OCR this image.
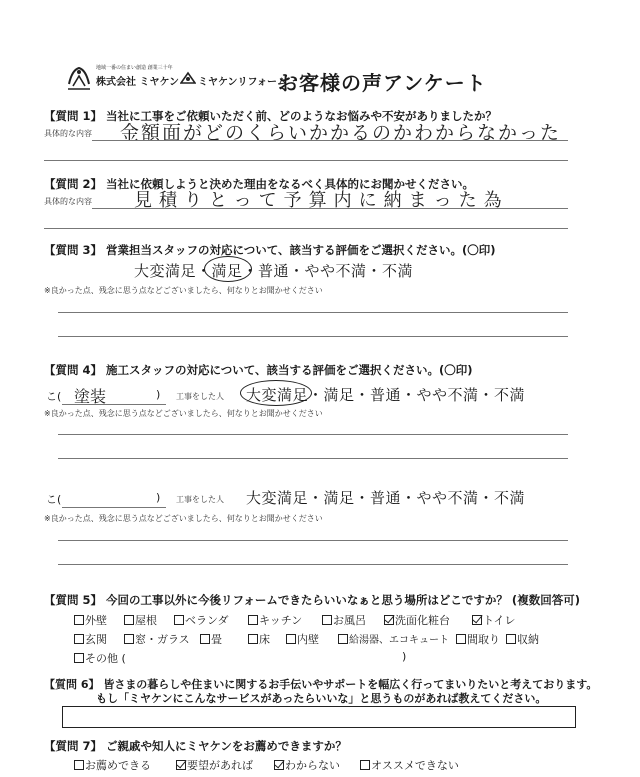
地域一番の住まい創造 創業三十年
株式会社 ミヤケン ミヤケンリフォーム
お客様の声アンケート
【質問 1】 当社に工事をご依頼いただく前、どのようなお悩みや不安がありましたか？
具体的な内容 金額面がどのくらいかかるのかわからなかった
【質問 2】 当社に依頼しようと決めた理由をなるべく具体的にお聞かせください。
具体的な内容 見積りとって予算内に納まった為
【質問 3】 営業担当スタッフの対応について、該当する評価をご選択ください。(〇印)
大変満足・満足・普通・やや不満・不満
※良かった点、残念に思う点などございましたら、何なりとお聞かせください
【質問 4】 施工スタッフの対応について、該当する評価をご選択ください。(〇印)
こ( 塗装	) 工事をした人 大変満足・満足・普通・やや不満・不満
※良かった点、残念に思う点などございましたら、何なりとお聞かせください
こ(	) 工事をした人 大変満足・満足・普通・やや不満・不満
※良かった点、残念に思う点などございましたら、何なりとお聞かせください
【質問 5】 今回の工事以外に今後リフォームできたらいいなぁと思う場所はどこですか？ (複数回答可)
外壁	屋根	ベランダ	キッチン	お風呂	洗面化粧台	トイレ
玄関	窓・ガラス	畳	床	内壁	給湯器、エコキュート	間取り	収納
その他 (	)
【質問 6】 皆さまの暮らしや住まいに関するお手伝いやサポートを幅広く行ってまいりたいと考えております。
もし「ミヤケンにこんなサービスがあったらいいな」と思うものがあれば教えてください。
【質問 7】 ご親戚や知人にミヤケンをお薦めできますか？
お薦めできる	要望があれば	わからない	オススメできない
